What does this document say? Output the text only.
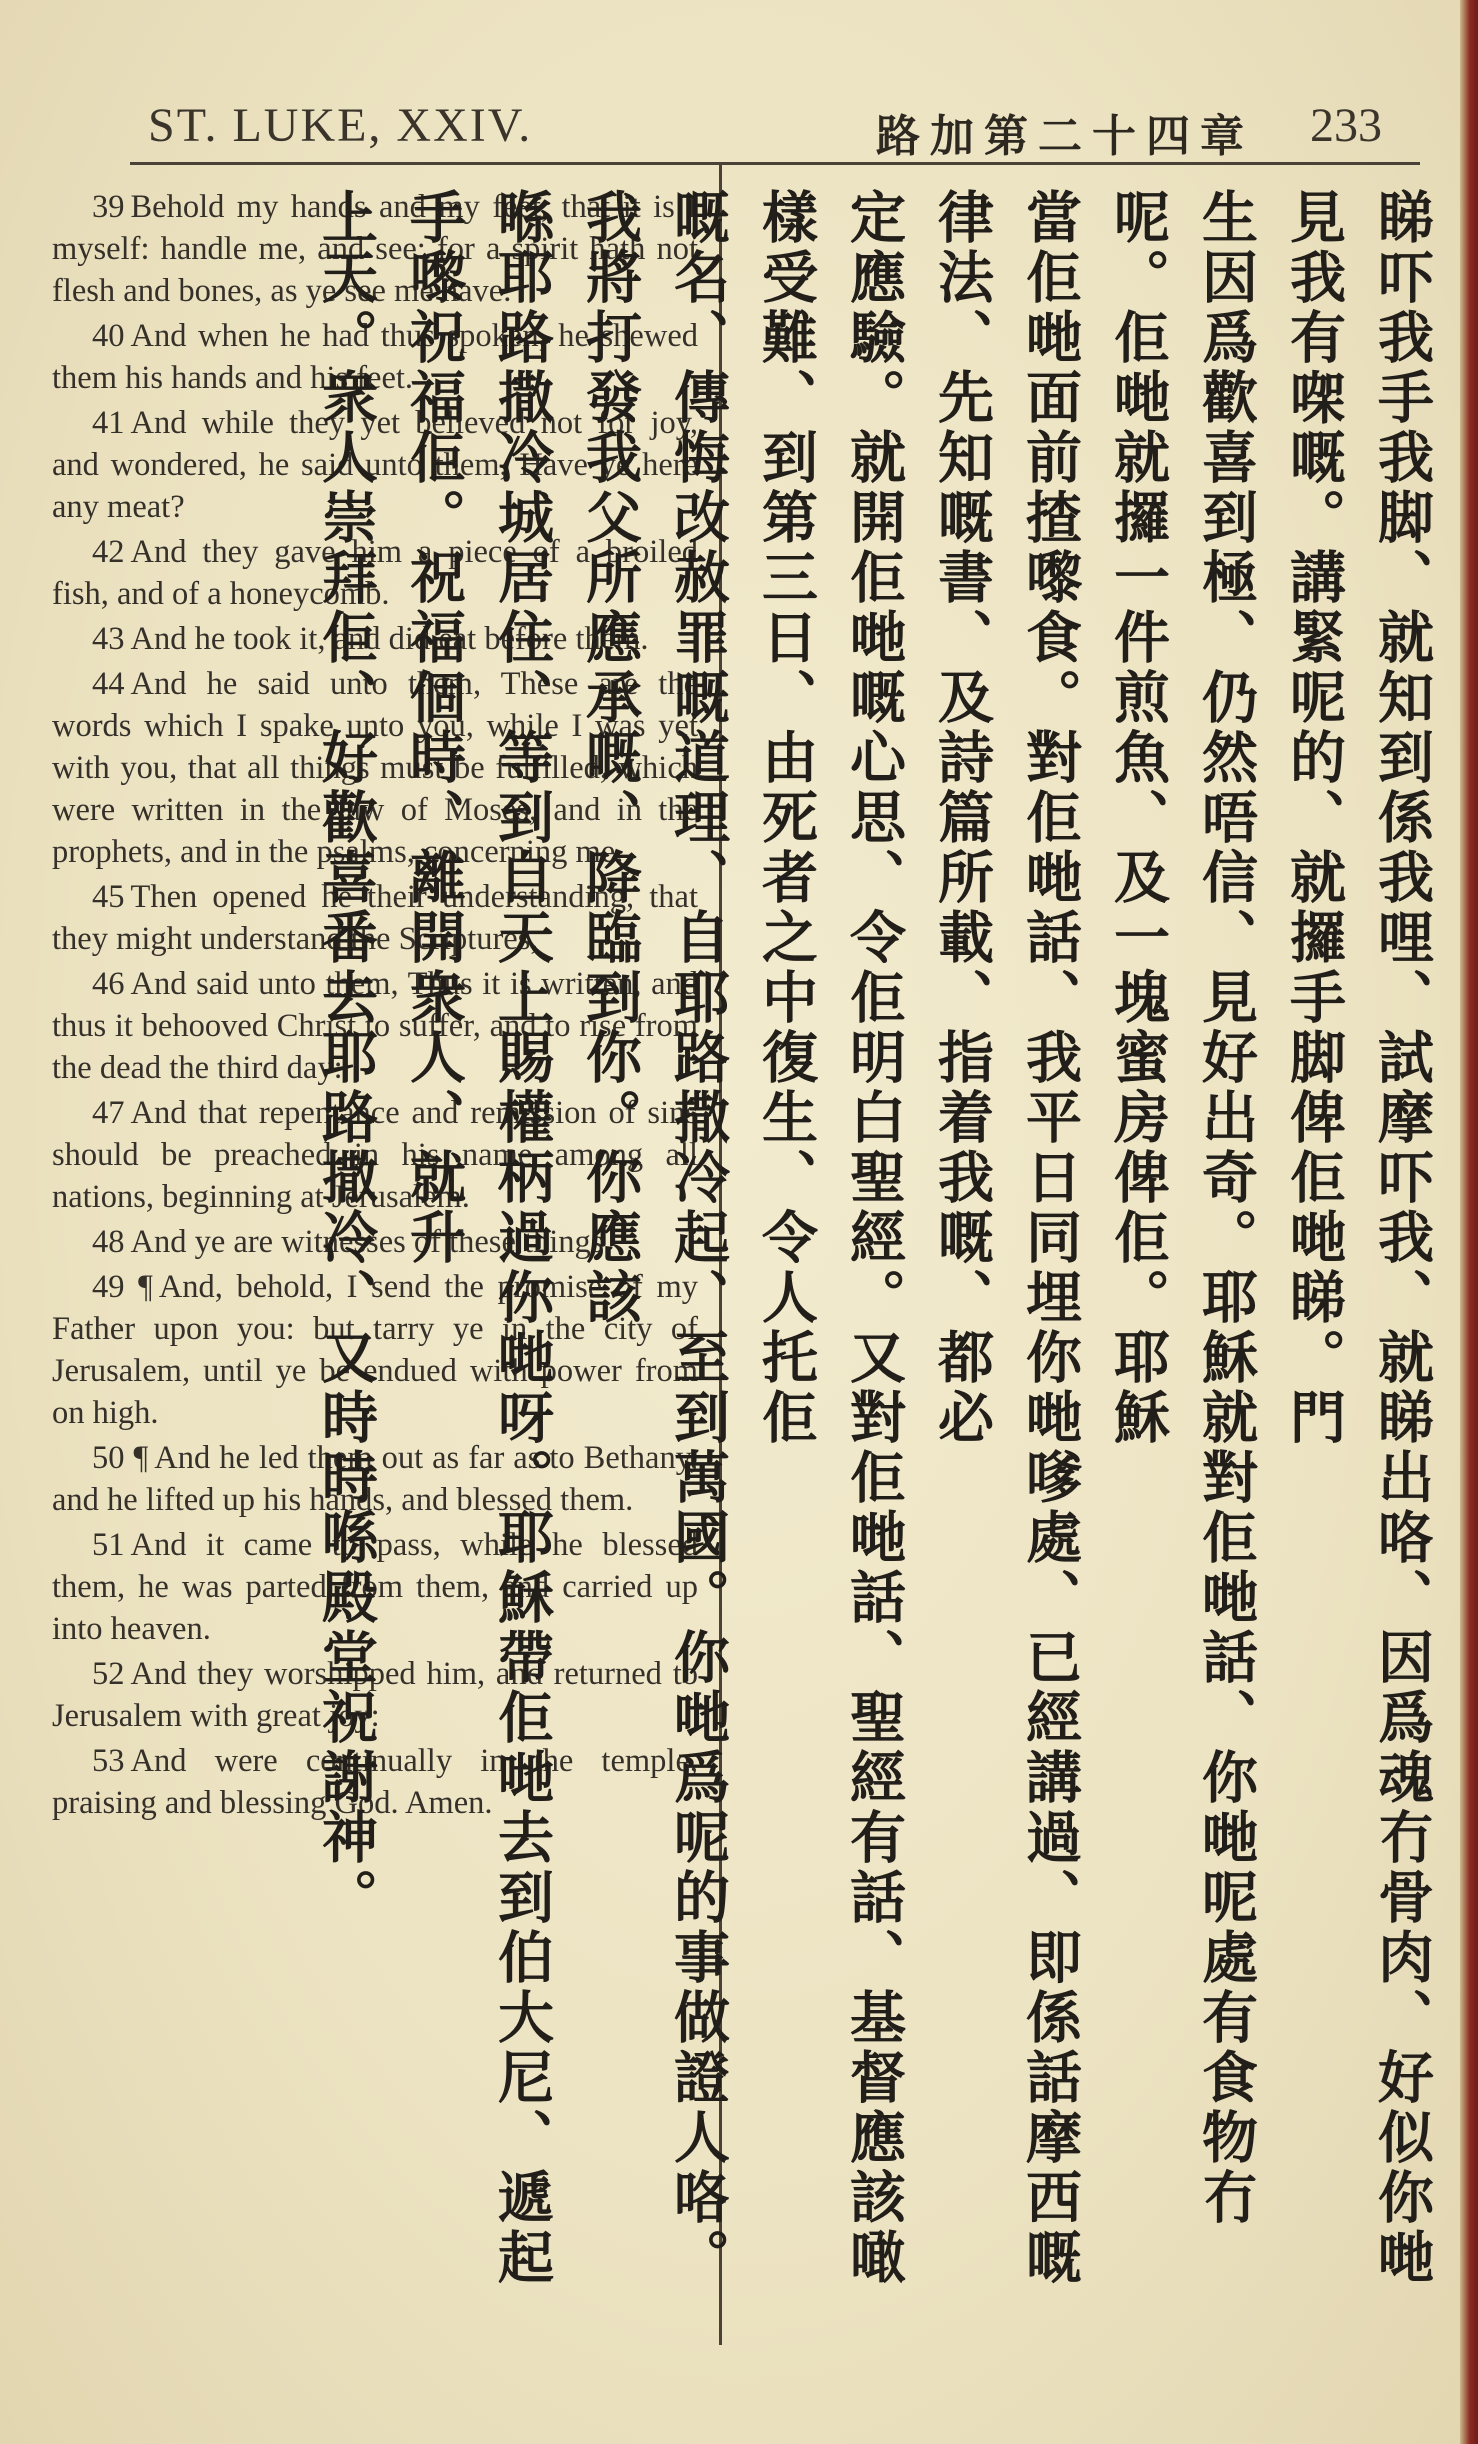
ST. LUKE, XXIV.	路加第二十四章 233

39 Behold my hands and my feet, that it is I myself: handle me, and see: for a spirit hath not flesh and bones, as ye see me have.

40 And when he had thus spoken, he shewed them his hands and his feet.

41 And while they yet believed not for joy, and wondered, he said unto them, Have ye here any meat?

42 And they gave him a piece of a broiled fish, and of a honeycomb.

43 And he took it, and did eat before them.

44 And he said unto them, These are the words which I spake unto you, while I was yet with you, that all things must be fulfilled, which were written in the law of Moses, and in the prophets, and in the psalms, concerning me.

45 Then opened he their understanding, that they might understand the Scriptures,

46 And said unto them, Thus it is written, and thus it behooved Christ to suffer, and to rise from the dead the third day:

47 And that repentance and remission of sins should be preached in his name among all nations, beginning at Jerusalem.

48 And ye are witnesses of these things.

49 ¶ And, behold, I send the promise of my Father upon you: but tarry ye in the city of Jerusalem, until ye be endued with power from on high.

50 ¶ And he led them out as far as to Bethany, and he lifted up his hands, and blessed them.

51 And it came to pass, while he blessed them, he was parted from them, and carried up into heaven.

52 And they worshipped him, and returned to Jerusalem with great joy:

53 And were continually in the temple, praising and blessing God. Amen.	睇吓我手我脚、就知到係我哩、試摩吓我、就睇出咯、因爲魂冇骨肉、好似你哋見我有㗎嘅。講緊呢的、就攞手脚俾佢哋睇。門
生因爲歡喜到極、仍然唔信、見好出奇。耶穌就對佢哋話、你哋呢處有食物冇呢。佢哋就攞一件煎魚、及一塊蜜房俾佢。耶穌
當佢哋面前揸嚟食。對佢哋話、我平日同埋你哋嗲處、已經講過、即係話摩西嘅律法、先知嘅書、及詩篇所載、指着我嘅、都必
定應驗。就開佢哋嘅心思、令佢明白聖經。又對佢哋話、聖經有話、基督應該噉樣受難、到第三日、由死者之中復生、令人托佢
嘅名、傳悔改赦罪嘅道理、自耶路撒冷起、至到萬國。你哋爲呢的事做證人咯。我將打發我父所應承嘅、降臨到你。你應該
喺耶路撒冷城居住、等到自天上賜權柄過你哋呀。耶穌帶佢哋去到伯大尼、遞起手嚟祝福佢。祝福個時、離開衆人、就升
上天。衆人崇拜佢、好歡喜番去耶路撒冷、又時時喺殿堂祝謝神。
